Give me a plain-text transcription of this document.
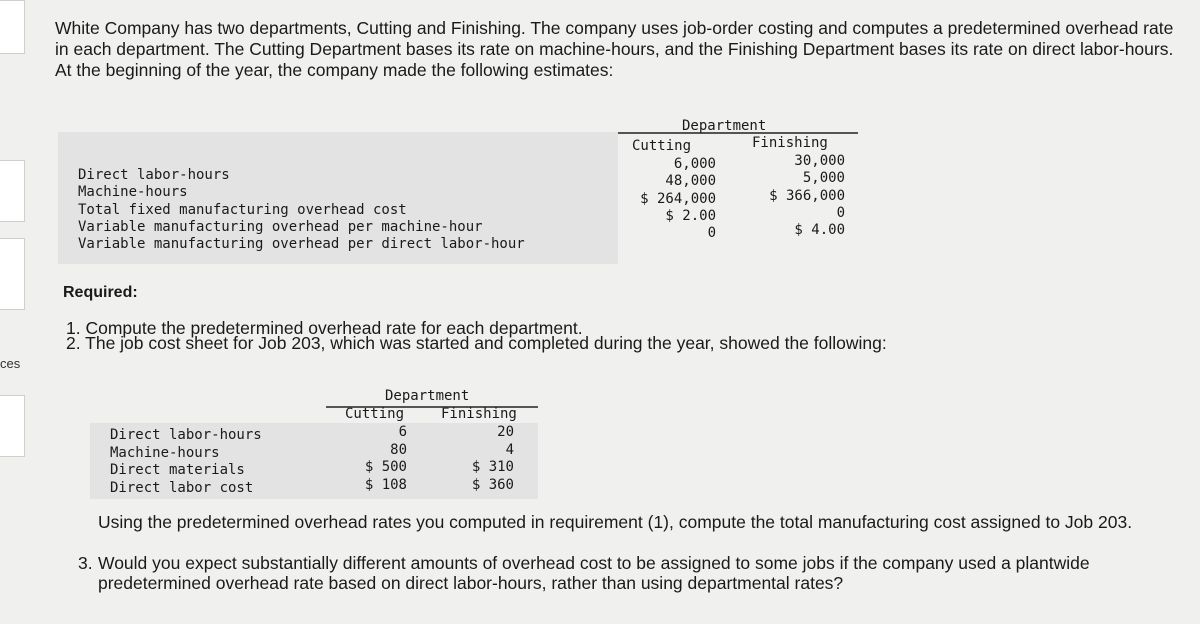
ces
White Company has two departments, Cutting and Finishing. The company uses job-order costing and computes a predetermined overhead rate in each department. The Cutting Department bases its rate on machine-hours, and the Finishing Department bases its rate on direct labor-hours. At the beginning of the year, the company made the following estimates:
Department
Cutting	Finishing
Direct labor-hours
Machine-hours
Total fixed manufacturing overhead cost
Variable manufacturing overhead per machine-hour
Variable manufacturing overhead per direct labor-hour
6,000
48,000
$ 264,000
$ 2.00
0
30,000
5,000
$ 366,000
0
$ 4.00
Required:
1. Compute the predetermined overhead rate for each department.
2. The job cost sheet for Job 203, which was started and completed during the year, showed the following:
Department
Cutting	Finishing
Direct labor-hours
Machine-hours
Direct materials
Direct labor cost
6
80
$ 500
$ 108
20
4
$ 310
$ 360
Using the predetermined overhead rates you computed in requirement (1), compute the total manufacturing cost assigned to Job 203.
3. Would you expect substantially different amounts of overhead cost to be assigned to some jobs if the company used a plantwide predetermined overhead rate based on direct labor-hours, rather than using departmental rates?
